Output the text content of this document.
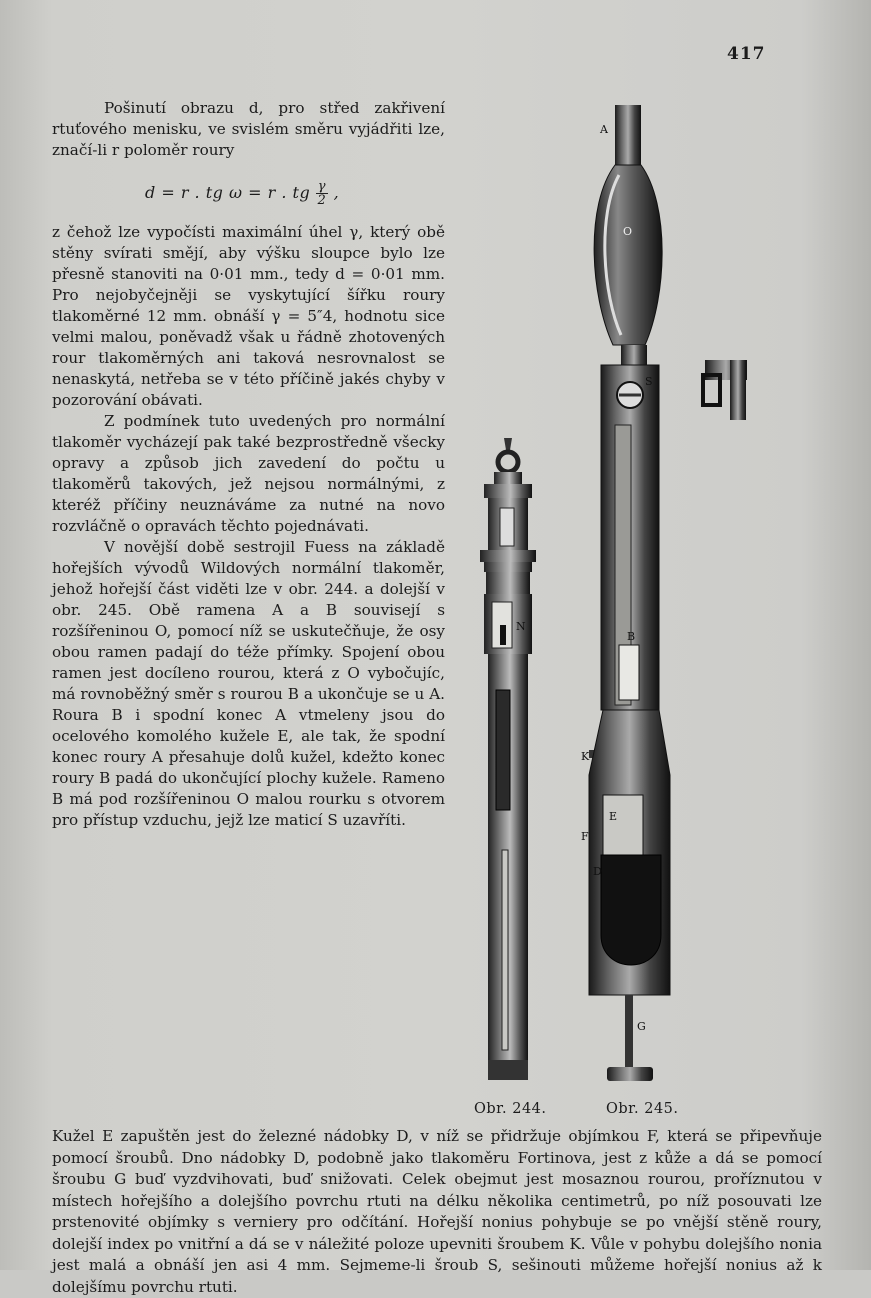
417

Pošinutí obrazu d, pro střed zakřivení rtuťového menisku, ve svislém směru vyjádřiti lze, značí-li r poloměr roury

z čehož lze vypočísti maximální úhel γ, který obě stěny svírati smějí, aby výšku sloupce bylo lze přesně stanoviti na 0·01 mm., tedy d = 0·01 mm. Pro nejobyčejněji se vyskytující šířku roury tlakoměrné 12 mm. obnáší γ = 5″4, hodnotu sice velmi malou, poněvadž však u řádně zhotovených rour tlakoměrných ani taková nesrovnalost se nenaskytá, netřeba se v této příčině jakés chyby v pozorování obávati.

Z podmínek tuto uvedených pro normální tlakoměr vycházejí pak také bezprostředně všecky opravy a způsob jich zavedení do počtu u tlakoměrů takových, jež nejsou normálnými, z kteréž příčiny neuznáváme za nutné na novo rozvláčně o opravách těchto pojednávati.

V novější době sestrojil Fuess na základě hořejších vývodů Wildových normální tlakoměr, jehož hořejší část viděti lze v obr. 244. a dolejší v obr. 245. Obě ramena A a B souvisejí s rozšířeninou O, pomocí níž se uskutečňuje, že osy obou ramen padají do téže přímky. Spojení obou ramen jest docíleno rourou, která z O vybočujíc, má rovnoběžný směr s rourou B a ukončuje se u A. Roura B i spodní konec A vtmeleny jsou do ocelového komolého kužele E, ale tak, že spodní konec roury A přesahuje dolů kužel, kdežto konec roury B padá do ukončující plochy kužele. Rameno B má pod rozšířeninou O malou rourku s otvorem pro přístup vzduchu, jejž lze maticí S uzavříti.

d = r . tg ω = r . tg $\frac{\gamma}{2}$ ,
N
Obr. 244.
A
O
S
B
K
F
E
D
G
Obr. 245.

Kužel E zapuštěn jest do železné nádobky D, v níž se přidržuje objímkou F, která se připevňuje pomocí šroubů. Dno nádobky D, podobně jako tlakoměru Fortinova, jest z kůže a dá se pomocí šroubu G buď vyzdvihovati, buď snižovati. Celek obejmut jest mosaznou rourou, proříznutou v místech hořejšího a dolejšího povrchu rtuti na délku několika centimetrů, po níž posouvati lze prstenovité objímky s verniery pro odčítání. Hořejší nonius pohybuje se po vnější stěně roury, dolejší index po vnitřní a dá se v náležité poloze upevniti šroubem K. Vůle v pohybu dolejšího nonia jest malá a obnáší jen asi 4 mm. Sejmeme-li šroub S, sešinouti můžeme hořejší nonius až k dolejšímu povrchu rtuti.
